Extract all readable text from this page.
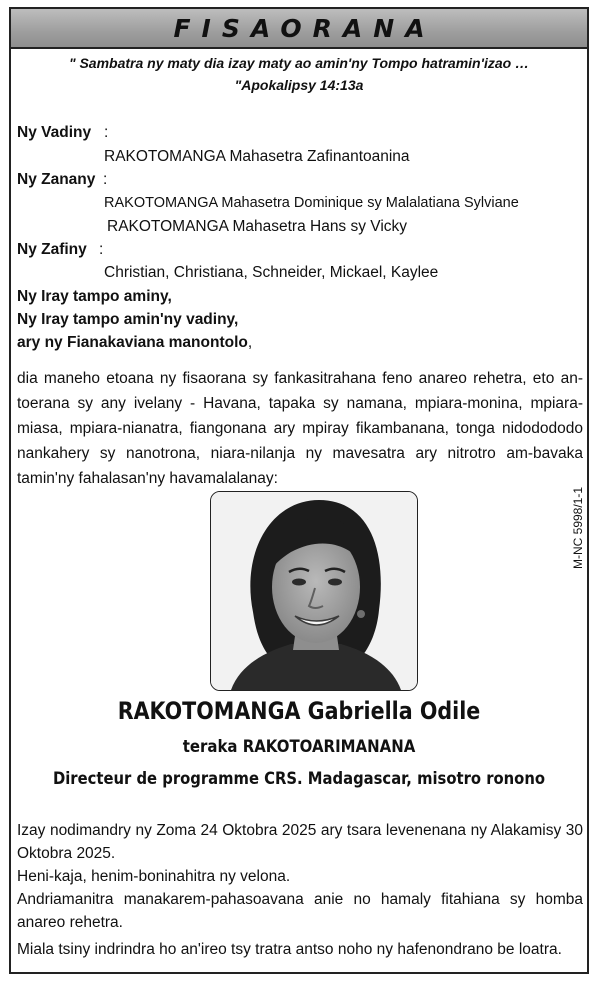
FISAORANA
" Sambatra ny maty dia izay maty ao amin'ny Tompo hatramin'izao …
"Apokalipsy 14:13a
Ny Vadiny :
RAKOTOMANGA Mahasetra Zafinantoanina
Ny Zanany :
RAKOTOMANGA Mahasetra Dominique sy Malalatiana Sylviane
RAKOTOMANGA Mahasetra Hans sy Vicky
Ny Zafiny :
Christian, Christiana, Schneider, Mickael, Kaylee
Ny Iray tampo aminy,
Ny Iray tampo amin'ny vadiny,
ary ny Fianakaviana manontolo,
dia maneho etoana ny fisaorana sy fankasitrahana feno anareo rehetra, eto an-toerana sy any ivelany - Havana, tapaka sy namana, mpiara-monina, mpiara-miasa, mpiara-nianatra, fiangonana ary mpiray fikambanana, tonga nidodododo nankahery sy nanotrona, niara-nilanja ny mavesatra ary nitrotro am-bavaka tamin'ny fahalasan'ny havamalalanay:
M-NC 5998/1-1
RAKOTOMANGA Gabriella Odile
teraka RAKOTOARIMANANA
Directeur de programme CRS. Madagascar, misotro ronono
Izay nodimandry ny Zoma 24 Oktobra 2025 ary tsara levenenana ny Alakamisy 30 Oktobra 2025.
Heni-kaja, henim-boninahitra ny velona.
Andriamanitra manakarem-pahasoavana anie no hamaly fitahiana sy homba anareo rehetra.
Miala tsiny indrindra ho an'ireo tsy tratra antso noho ny hafenondrano be loatra.
